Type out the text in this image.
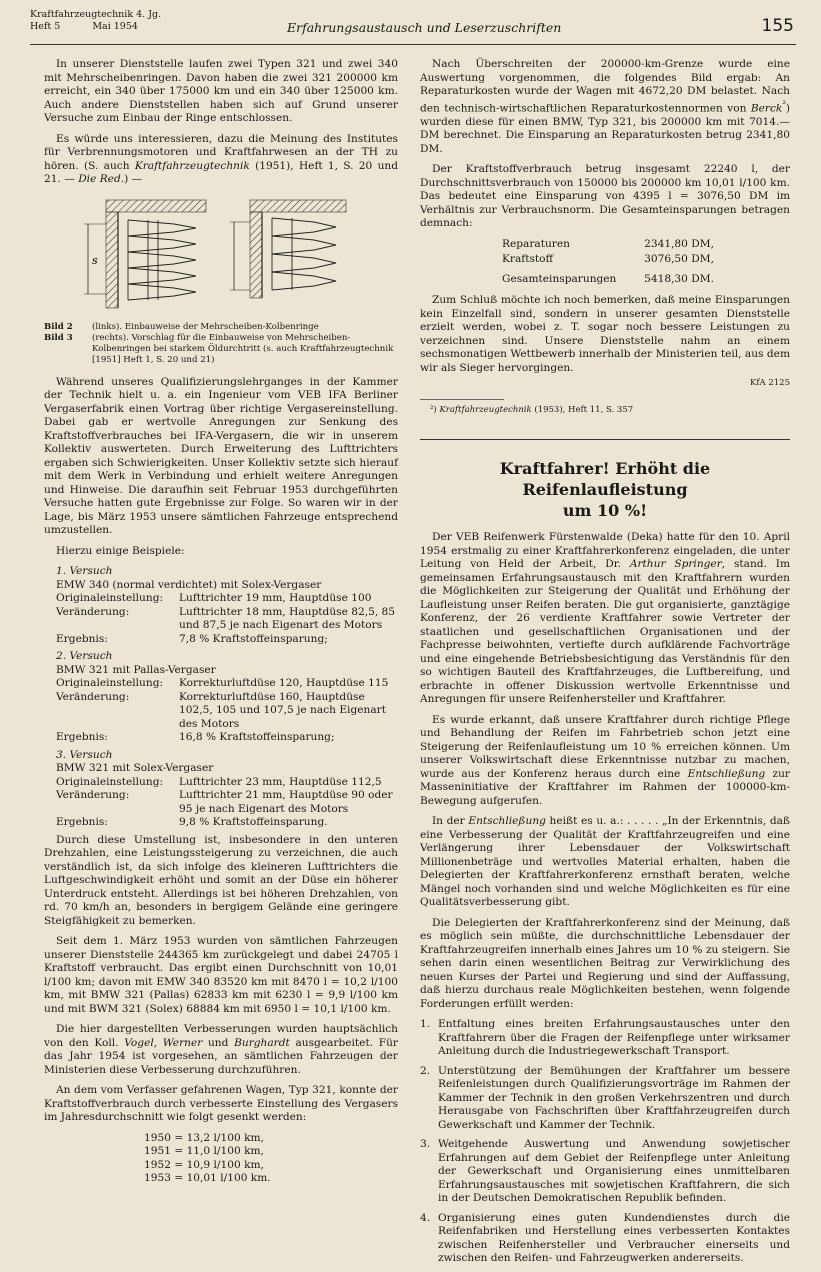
Kraftfahrzeugtechnik 4. Jg.
Heft 5	Mai 1954	Erfahrungsaustausch und Leserzuschriften	155

In unserer Dienststelle laufen zwei Typen 321 und zwei 340 mit Mehrscheibenringen. Davon haben die zwei 321 200000 km erreicht, ein 340 über 175000 km und ein 340 über 125000 km. Auch andere Dienststellen haben sich auf Grund unserer Versuche zum Einbau der Ringe entschlossen.

Es würde uns interessieren, dazu die Meinung des Institutes für Verbrennungsmotoren und Kraftfahrwesen an der TH zu hören. (S. auch Kraftfahrzeugtechnik (1951), Heft 1, S. 20 und 21. — Die Red.) —

s
Bild 2	(links). Einbauweise der Mehrscheiben-Kolbenringe
Bild 3	(rechts). Vorschlag für die Einbauweise von Mehrscheiben-Kolbenringen bei starkem Öldurchtritt (s. auch Kraftfahrzeugtechnik [1951] Heft 1, S. 20 und 21)

Während unseres Qualifizierungslehrganges in der Kammer der Technik hielt u. a. ein Ingenieur vom VEB IFA Berliner Vergaserfabrik einen Vortrag über richtige Vergasereinstellung. Dabei gab er wertvolle Anregungen zur Senkung des Kraftstoffverbrauches bei IFA-Vergasern, die wir in unserem Kollektiv auswerteten. Durch Erweiterung des Lufttrichters ergaben sich Schwierigkeiten. Unser Kollektiv setzte sich hierauf mit dem Werk in Verbindung und erhielt weitere Anregungen und Hinweise. Die daraufhin seit Februar 1953 durchgeführten Versuche hatten gute Ergebnisse zur Folge. So waren wir in der Lage, bis März 1953 unsere sämtlichen Fahrzeuge entsprechend umzustellen.

Hierzu einige Beispiele:

1. Versuch
EMW 340 (normal verdichtet) mit Solex-Vergaser
Originaleinstellung:	Lufttrichter 19 mm, Hauptdüse 100
Veränderung:	Lufttrichter 18 mm, Hauptdüse 82,5, 85 und 87,5 je nach Eigenart des Motors
Ergebnis:	7,8 % Kraftstoffeinsparung;
2. Versuch
BMW 321 mit Pallas-Vergaser
Originaleinstellung:	Korrekturluftdüse 120, Hauptdüse 115
Veränderung:	Korrekturluftdüse 160, Hauptdüse 102,5, 105 und 107,5 je nach Eigenart des Motors
Ergebnis:	16,8 % Kraftstoffeinsparung;
3. Versuch
BMW 321 mit Solex-Vergaser
Originaleinstellung:	Lufttrichter 23 mm, Hauptdüse 112,5
Veränderung:	Lufttrichter 21 mm, Hauptdüse 90 oder 95 je nach Eigenart des Motors
Ergebnis:	9,8 % Kraftstoffeinsparung.

Durch diese Umstellung ist, insbesondere in den unteren Drehzahlen, eine Leistungssteigerung zu verzeichnen, die auch verständlich ist, da sich infolge des kleineren Lufttrichters die Luftgeschwindigkeit erhöht und somit an der Düse ein höherer Unterdruck entsteht. Allerdings ist bei höheren Drehzahlen, von rd. 70 km/h an, besonders in bergigem Gelände eine geringere Steigfähigkeit zu bemerken.

Seit dem 1. März 1953 wurden von sämtlichen Fahrzeugen unserer Dienststelle 244365 km zurückgelegt und dabei 24705 l Kraftstoff verbraucht. Das ergibt einen Durchschnitt von 10,01 l/100 km; davon mit EMW 340 83520 km mit 8470 l = 10,2 l/100 km, mit BMW 321 (Pallas) 62833 km mit 6230 l = 9,9 l/100 km und mit BWM 321 (Solex) 68884 km mit 6950 l = 10,1 l/100 km.

Die hier dargestellten Verbesserungen wurden hauptsächlich von den Koll. Vogel, Werner und Burghardt ausgearbeitet. Für das Jahr 1954 ist vorgesehen, an sämtlichen Fahrzeugen der Ministerien diese Verbesserung durchzuführen.

An dem vom Verfasser gefahrenen Wagen, Typ 321, konnte der Kraftstoffverbrauch durch verbesserte Einstellung des Vergasers im Jahresdurchschnitt wie folgt gesenkt werden:

1950 = 13,2 l/100 km,
1951 = 11,0 l/100 km,
1952 = 10,9 l/100 km,
1953 = 10,01 l/100 km.

Nach Überschreiten der 200000-km-Grenze wurde eine Auswertung vorgenommen, die folgendes Bild ergab: An Reparaturkosten wurde der Wagen mit 4672,20 DM belastet. Nach den technisch-wirtschaftlichen Reparaturkostennormen von Berck$^{^2}$) wurden diese für einen BMW, Typ 321, bis 200000 km mit 7014.— DM berechnet. Die Einsparung an Reparaturkosten betrug 2341,80 DM.

Der Kraftstoffverbrauch betrug insgesamt 22240 l, der Durchschnittsverbrauch von 150000 bis 200000 km 10,01 l/100 km. Das bedeutet eine Einsparung von 4395 l = 3076,50 DM im Verhältnis zur Verbrauchsnorm. Die Gesamteinsparungen betragen demnach:

Reparaturen	2341,80 DM,
Kraftstoff	3076,50 DM,
Gesamteinsparungen	5418,30 DM.

Zum Schluß möchte ich noch bemerken, daß meine Einsparungen kein Einzelfall sind, sondern in unserer gesamten Dienststelle erzielt werden, wobei z. T. sogar noch bessere Leistungen zu verzeichnen sind. Unsere Dienststelle nahm an einem sechsmonatigen Wettbewerb innerhalb der Ministerien teil, aus dem wir als Sieger hervorgingen.

KfA 2125
²) Kraftfahrzeugtechnik (1953), Heft 11, S. 357
Kraftfahrer! Erhöht die Reifenlaufleistung
um 10 %!

Der VEB Reifenwerk Fürstenwalde (Deka) hatte für den 10. April 1954 erstmalig zu einer Kraftfahrerkonferenz eingeladen, die unter Leitung von Held der Arbeit, Dr. Arthur Springer, stand. Im gemeinsamen Erfahrungsaustausch mit den Kraftfahrern wurden die Möglichkeiten zur Steigerung der Qualität und Erhöhung der Laufleistung unser Reifen beraten. Die gut organisierte, ganztägige Konferenz, der 26 verdiente Kraftfahrer sowie Vertreter der staatlichen und gesellschaftlichen Organisationen und der Fachpresse beiwohnten, vertiefte durch aufklärende Fachvorträge und eine eingehende Betriebsbesichtigung das Verständnis für den so wichtigen Bauteil des Kraftfahrzeuges, die Luftbereifung, und erbrachte in offener Diskussion wertvolle Erkenntnisse und Anregungen für unsere Reifenhersteller und Kraftfahrer.

Es wurde erkannt, daß unsere Kraftfahrer durch richtige Pflege und Behandlung der Reifen im Fahrbetrieb schon jetzt eine Steigerung der Reifenlaufleistung um 10 % erreichen können. Um unserer Volkswirtschaft diese Erkenntnisse nutzbar zu machen, wurde aus der Konferenz heraus durch eine Entschließung zur Masseninitiative der Kraftfahrer im Rahmen der 100000-km-Bewegung aufgerufen.

In der Entschließung heißt es u. a.: . . . . . „In der Erkenntnis, daß eine Verbesserung der Qualität der Kraftfahrzeugreifen und eine Verlängerung ihrer Lebensdauer der Volkswirtschaft Millionenbeträge und wertvolles Material erhalten, haben die Delegierten der Kraftfahrerkonferenz ernsthaft beraten, welche Mängel noch vorhanden sind und welche Möglichkeiten es für eine Qualitätsverbesserung gibt.

Die Delegierten der Kraftfahrerkonferenz sind der Meinung, daß es möglich sein müßte, die durchschnittliche Lebensdauer der Kraftfahrzeugreifen innerhalb eines Jahres um 10 % zu steigern. Sie sehen darin einen wesentlichen Beitrag zur Verwirklichung des neuen Kurses der Partei und Regierung und sind der Auffassung, daß hierzu durchaus reale Möglichkeiten bestehen, wenn folgende Forderungen erfüllt werden:

1. Entfaltung eines breiten Erfahrungsaustausches unter den Kraftfahrern über die Fragen der Reifenpflege unter wirksamer Anleitung durch die Industriegewerkschaft Transport.
2. Unterstützung der Bemühungen der Kraftfahrer um bessere Reifenleistungen durch Qualifizierungsvorträge im Rahmen der Kammer der Technik in den großen Verkehrszentren und durch Herausgabe von Fachschriften über Kraftfahrzeugreifen durch Gewerkschaft und Kammer der Technik.
3. Weitgehende Auswertung und Anwendung sowjetischer Erfahrungen auf dem Gebiet der Reifenpflege unter Anleitung der Gewerkschaft und Organisierung eines unmittelbaren Erfahrungsaustausches mit sowjetischen Kraftfahrern, die sich in der Deutschen Demokratischen Republik befinden.
4. Organisierung eines guten Kundendienstes durch die Reifenfabriken und Herstellung eines verbesserten Kontaktes zwischen Reifenhersteller und Verbraucher einerseits und zwischen den Reifen- und Fahrzeugwerken andererseits.
